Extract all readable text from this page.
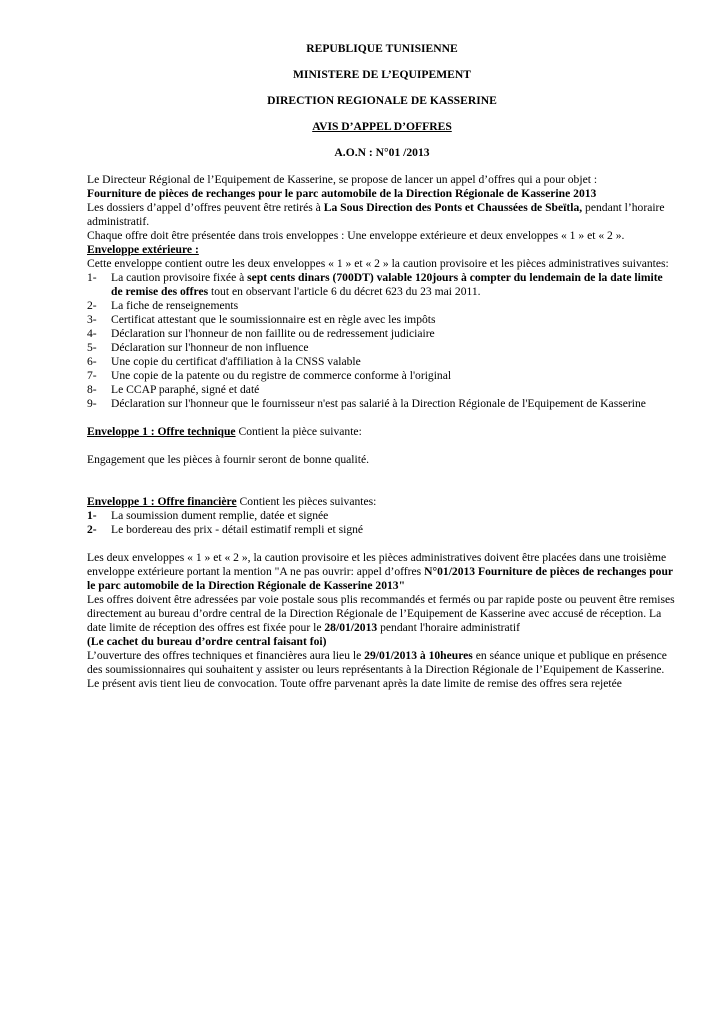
REPUBLIQUE TUNISIENNE

MINISTERE DE L’EQUIPEMENT

DIRECTION REGIONALE DE KASSERINE

AVIS D’APPEL D’OFFRES

A.O.N : N°01 /2013

Le Directeur Régional de l’Equipement de Kasserine, se propose de lancer un appel d’offres qui a pour objet :

Fourniture de pièces de rechanges pour le parc automobile de la Direction Régionale de Kasserine 2013

Les dossiers d’appel d’offres peuvent être retirés à La Sous Direction des Ponts et Chaussées de Sbeïtla, pendant l’horaire administratif.

Chaque offre doit être présentée dans trois enveloppes : Une enveloppe extérieure et deux enveloppes « 1 » et « 2 ».

Enveloppe extérieure :

Cette enveloppe contient outre les deux enveloppes « 1 » et « 2 » la caution provisoire et les pièces administratives suivantes:

1- La caution provisoire fixée à sept cents dinars (700DT) valable 120jours à compter du lendemain de la date limite de remise des offres tout en observant l'article 6 du décret 623 du 23 mai 2011.
2- La fiche de renseignements
3- Certificat attestant que le soumissionnaire est en règle avec les impôts
4- Déclaration sur l'honneur de non faillite ou de redressement judiciaire
5- Déclaration sur l'honneur de non influence
6- Une copie du certificat d'affiliation à la CNSS valable
7- Une copie de la patente ou du registre de commerce conforme à l'original
8- Le CCAP paraphé, signé et daté
9- Déclaration sur l'honneur que le fournisseur n'est pas salarié à la Direction Régionale de l'Equipement de Kasserine

Enveloppe 1 : Offre technique Contient la pièce suivante:

Engagement que les pièces à fournir seront de bonne qualité.

Enveloppe 1 : Offre financière Contient les pièces suivantes:

1- La soumission dument remplie, datée et signée
2- Le bordereau des prix - détail estimatif rempli et signé

Les deux enveloppes « 1 » et « 2 », la caution provisoire et les pièces administratives doivent être placées dans une troisième enveloppe extérieure portant la mention "A ne pas ouvrir: appel d’offres N°01/2013 Fourniture de pièces de rechanges pour le parc automobile de la Direction Régionale de Kasserine 2013"

Les offres doivent être adressées par voie postale sous plis recommandés et fermés ou par rapide poste ou peuvent être remises directement au bureau d’ordre central de la Direction Régionale de l’Equipement de Kasserine avec accusé de réception. La date limite de réception des offres est fixée pour le 28/01/2013 pendant l'horaire administratif

(Le cachet du bureau d’ordre central faisant foi)

L’ouverture des offres techniques et financières aura lieu le 29/01/2013 à 10heures en séance unique et publique en présence des soumissionnaires qui souhaitent y assister ou leurs représentants à la Direction Régionale de l’Equipement de Kasserine. Le présent avis tient lieu de convocation. Toute offre parvenant après la date limite de remise des offres sera rejetée
